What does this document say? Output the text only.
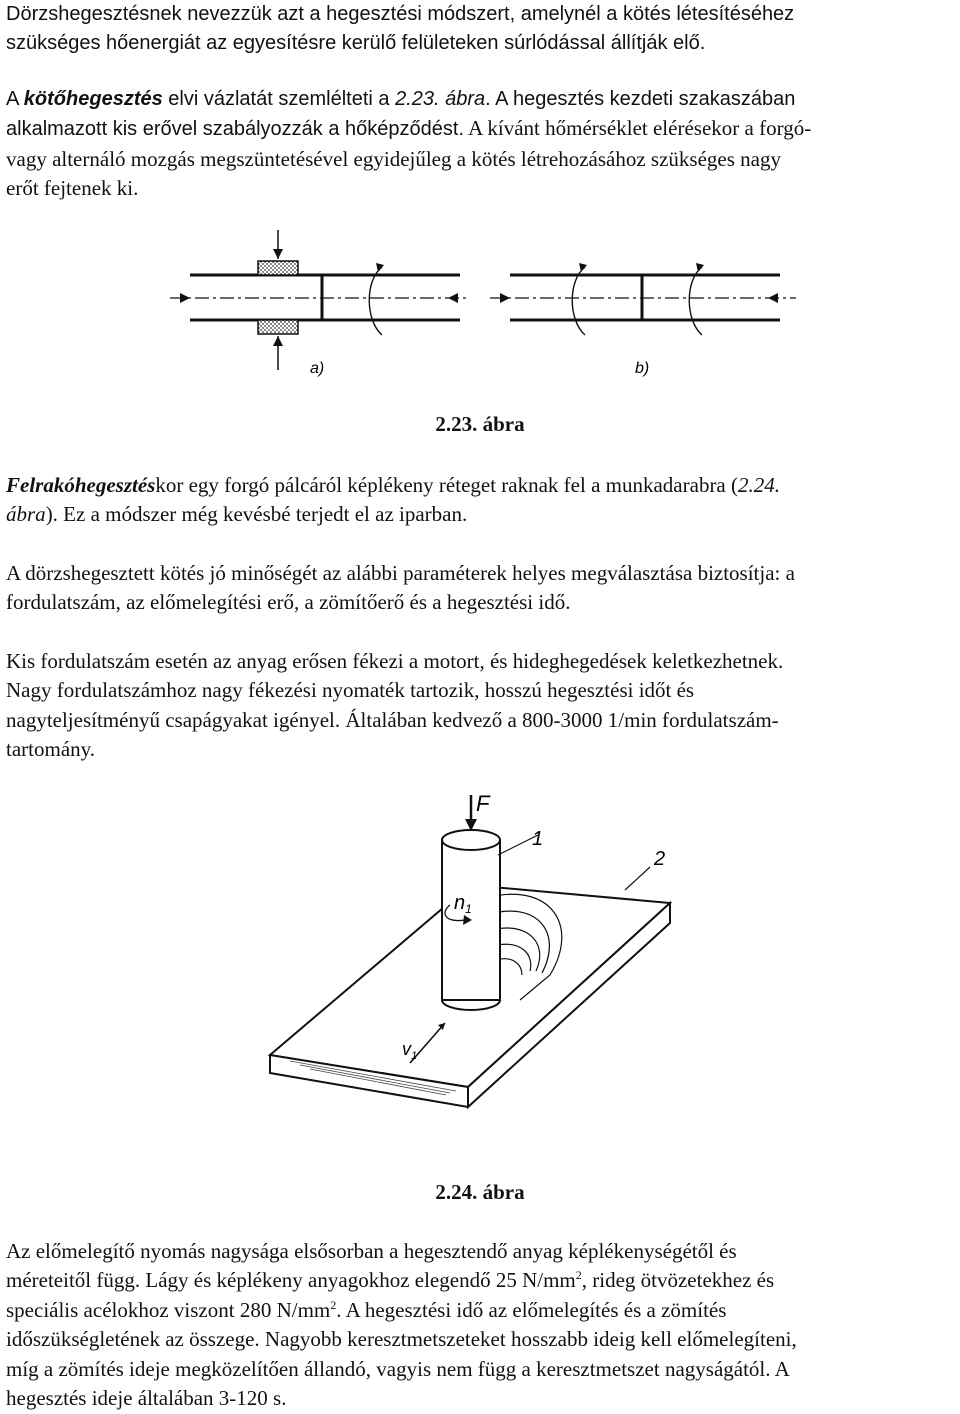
Dörzshegesztésnek nevezzük azt a hegesztési módszert, amelynél a kötés létesítéséhez
szükséges hőenergiát az egyesítésre kerülő felületeken súrlódással állítják elő.
A kötőhegesztés elvi vázlatát szemlélteti a 2.23. ábra. A hegesztés kezdeti szakaszában
alkalmazott kis erővel szabályozzák a hőképződést. A kívánt hőmérséklet elérésekor a forgó-
vagy alternáló mozgás megszüntetésével egyidejűleg a kötés létrehozásához szükséges nagy
erőt fejtenek ki.
a)	b)
2.23. ábra
Felrakóhegesztéskor egy forgó pálcáról képlékeny réteget raknak fel a munkadarabra (2.24.
ábra). Ez a módszer még kevésbé terjedt el az iparban.
A dörzshegesztett kötés jó minőségét az alábbi paraméterek helyes megválasztása biztosítja: a
fordulatszám, az előmelegítési erő, a zömítőerő és a hegesztési idő.
Kis fordulatszám esetén az anyag erősen fékezi a motort, és hideghegedések keletkezhetnek.
Nagy fordulatszámhoz nagy fékezési nyomaték tartozik, hosszú hegesztési időt és
nagyteljesítményű csapágyakat igényel. Általában kedvező a 800-3000 1/min fordulatszám-
tartomány.
F
1
2
$n_1$
$v_1$
2.24. ábra
Az előmelegítő nyomás nagysága elsősorban a hegesztendő anyag képlékenységétől és
méreteitől függ. Lágy és képlékeny anyagokhoz elegendő 25 $N/mm^2$, rideg ötvözetekhez és
speciális acélokhoz viszont 280 $N/mm^2$. A hegesztési idő az előmelegítés és a zömítés
időszükségletének az összege. Nagyobb keresztmetszeteket hosszabb ideig kell előmelegíteni,
míg a zömítés ideje megközelítően állandó, vagyis nem függ a keresztmetszet nagyságától. A
hegesztés ideje általában 3-120 s.
